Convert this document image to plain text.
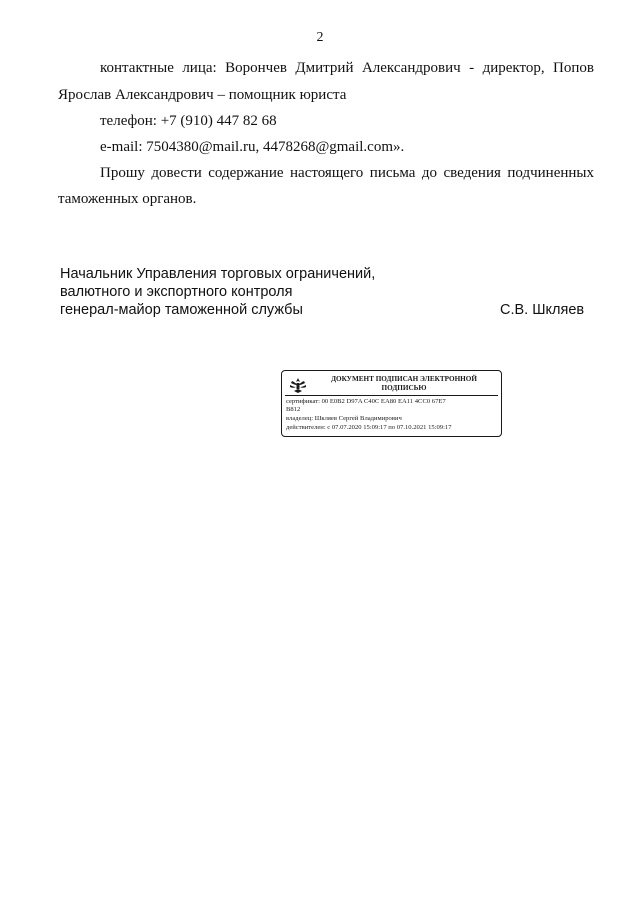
2
контактные лица: Ворончев Дмитрий Александрович - директор, Попов
Ярослав Александрович – помощник юриста
телефон: +7 (910) 447 82 68
e-mail: 7504380@mail.ru, 4478268@gmail.com».
Прошу довести содержание настоящего письма до сведения подчиненных
таможенных органов.
Начальник Управления торговых ограничений,
валютного и экспортного контроля
генерал-майор таможенной службы	С.В. Шкляев
ДОКУМЕНТ ПОДПИСАН ЭЛЕКТРОННОЙ
ПОДПИСЬЮ
сертификат: 00 E0B2 D97A C40C EA80 EA11 4CC0 67E7
B812
владелец: Шкляев Сергей Владимирович
действителен: с 07.07.2020 15:09:17 по 07.10.2021 15:09:17
